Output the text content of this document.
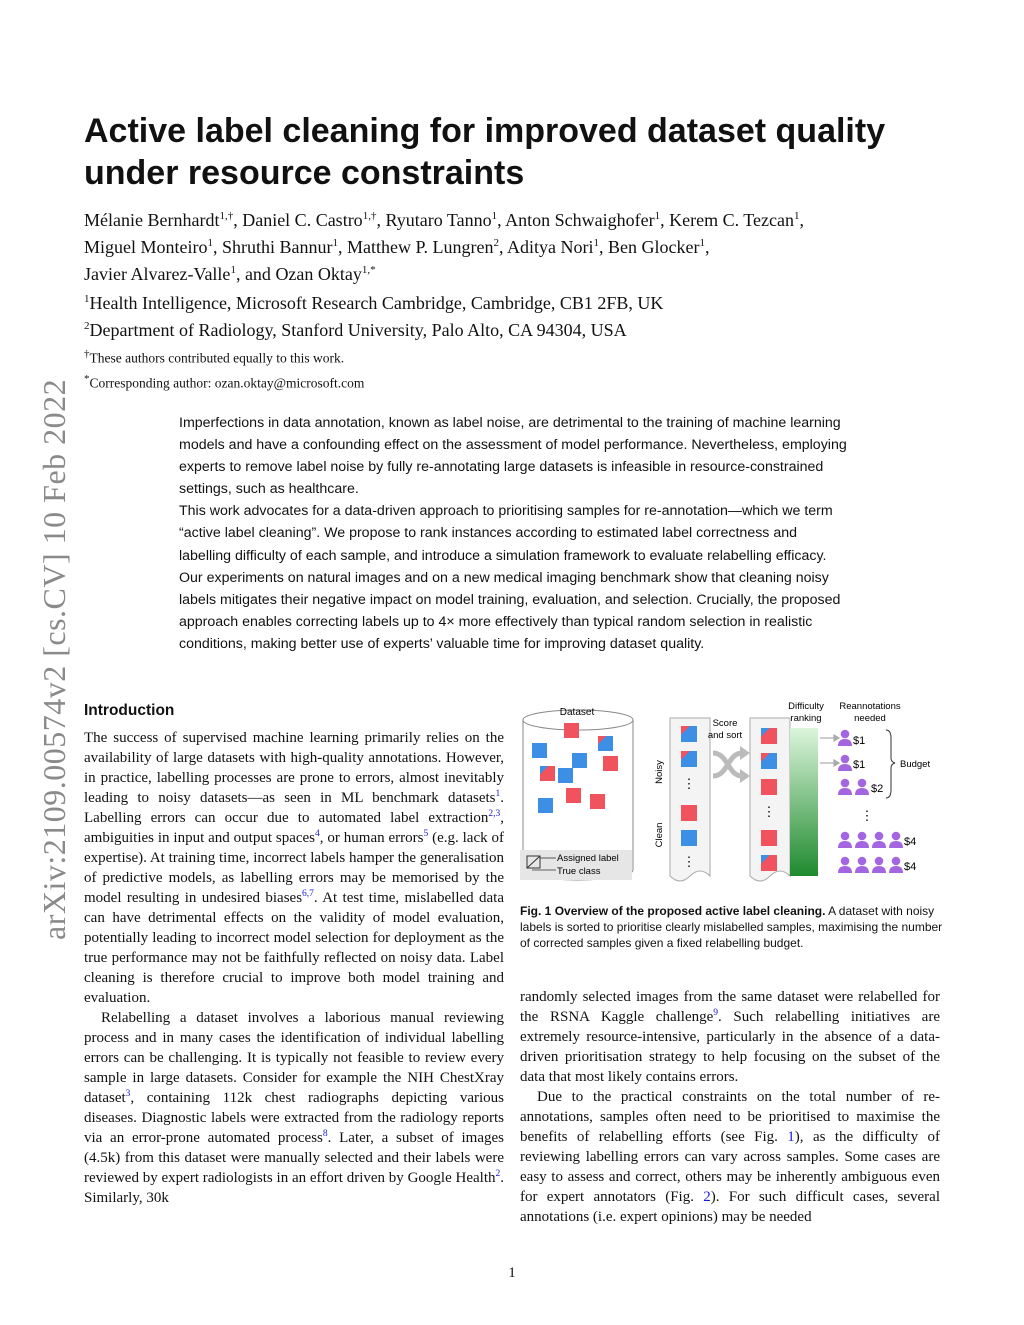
arXiv:2109.00574v2 [cs.CV] 10 Feb 2022
Active label cleaning for improved dataset quality
under resource constraints
Mélanie Bernhardt$^{1,\dagger}$, Daniel C. Castro$^{1,\dagger}$, Ryutaro Tanno$^1$, Anton Schwaighofer$^1$, Kerem C. Tezcan$^1$,
Miguel Monteiro$^1$, Shruthi Bannur$^1$, Matthew P. Lungren$^2$, Aditya Nori$^1$, Ben Glocker$^1$,
Javier Alvarez-Valle$^1$, and Ozan Oktay$^{1,*}$
$^1$Health Intelligence, Microsoft Research Cambridge, Cambridge, CB1 2FB, UK
$^2$Department of Radiology, Stanford University, Palo Alto, CA 94304, USA
†These authors contributed equally to this work.
*Corresponding author: ozan.oktay@microsoft.com

Imperfections in data annotation, known as label noise, are detrimental to the training of machine learning models and have a confounding effect on the assessment of model performance. Nevertheless, employing experts to remove label noise by fully re-annotating large datasets is infeasible in resource-constrained settings, such as healthcare.

This work advocates for a data-driven approach to prioritising samples for re-annotation—which we term “active label cleaning”. We propose to rank instances according to estimated label correctness and labelling difficulty of each sample, and introduce a simulation framework to evaluate relabelling efficacy. Our experiments on natural images and on a new medical imaging benchmark show that cleaning noisy labels mitigates their negative impact on model training, evaluation, and selection. Crucially, the proposed approach enables correcting labels up to 4× more effectively than typical random selection in realistic conditions, making better use of experts’ valuable time for improving dataset quality.

Introduction

The success of supervised machine learning primarily relies on the availability of large datasets with high-quality annotations. However, in practice, labelling processes are prone to errors, almost inevitably leading to noisy datasets—as seen in ML benchmark datasets$^1$. Labelling errors can occur due to automated label extraction$^{2,3}$, ambiguities in input and output spaces$^4$, or human errors$^5$ (e.g. lack of expertise). At training time, incorrect labels hamper the generalisation of predictive models, as labelling errors may be memorised by the model resulting in undesired biases$^{6,7}$. At test time, mislabelled data can have detrimental effects on the validity of model evaluation, potentially leading to incorrect model selection for deployment as the true performance may not be faithfully reflected on noisy data. Label cleaning is therefore crucial to improve both model training and evaluation.

Relabelling a dataset involves a laborious manual reviewing process and in many cases the identification of individual labelling errors can be challenging. It is typically not feasible to review every sample in large datasets. Consider for example the NIH ChestXray dataset$^3$, containing 112k chest radiographs depicting various diseases. Diagnostic labels were extracted from the radiology reports via an error-prone automated process$^8$. Later, a subset of images (4.5k) from this dataset were manually selected and their labels were reviewed by expert radiologists in an effort driven by Google Health$^2$. Similarly, 30k

Dataset
Assigned label
True class
Noisy
Clean
⋮
⋮
Score
and sort
⋮
Difficulty
ranking
Reannotations
needed
$1
$1
$2
$4
$4
⋮
Budget
Fig. 1 Overview of the proposed active label cleaning. A dataset with noisy labels is sorted to prioritise clearly mislabelled samples, maximising the number of corrected samples given a fixed relabelling budget.

randomly selected images from the same dataset were relabelled for the RSNA Kaggle challenge$^9$. Such relabelling initiatives are extremely resource-intensive, particularly in the absence of a data-driven prioritisation strategy to help focusing on the subset of the data that most likely contains errors.

Due to the practical constraints on the total number of re-annotations, samples often need to be prioritised to maximise the benefits of relabelling efforts (see Fig. 1), as the difficulty of reviewing labelling errors can vary across samples. Some cases are easy to assess and correct, others may be inherently ambiguous even for expert annotators (Fig. 2). For such difficult cases, several annotations (i.e. expert opinions) may be needed

1
